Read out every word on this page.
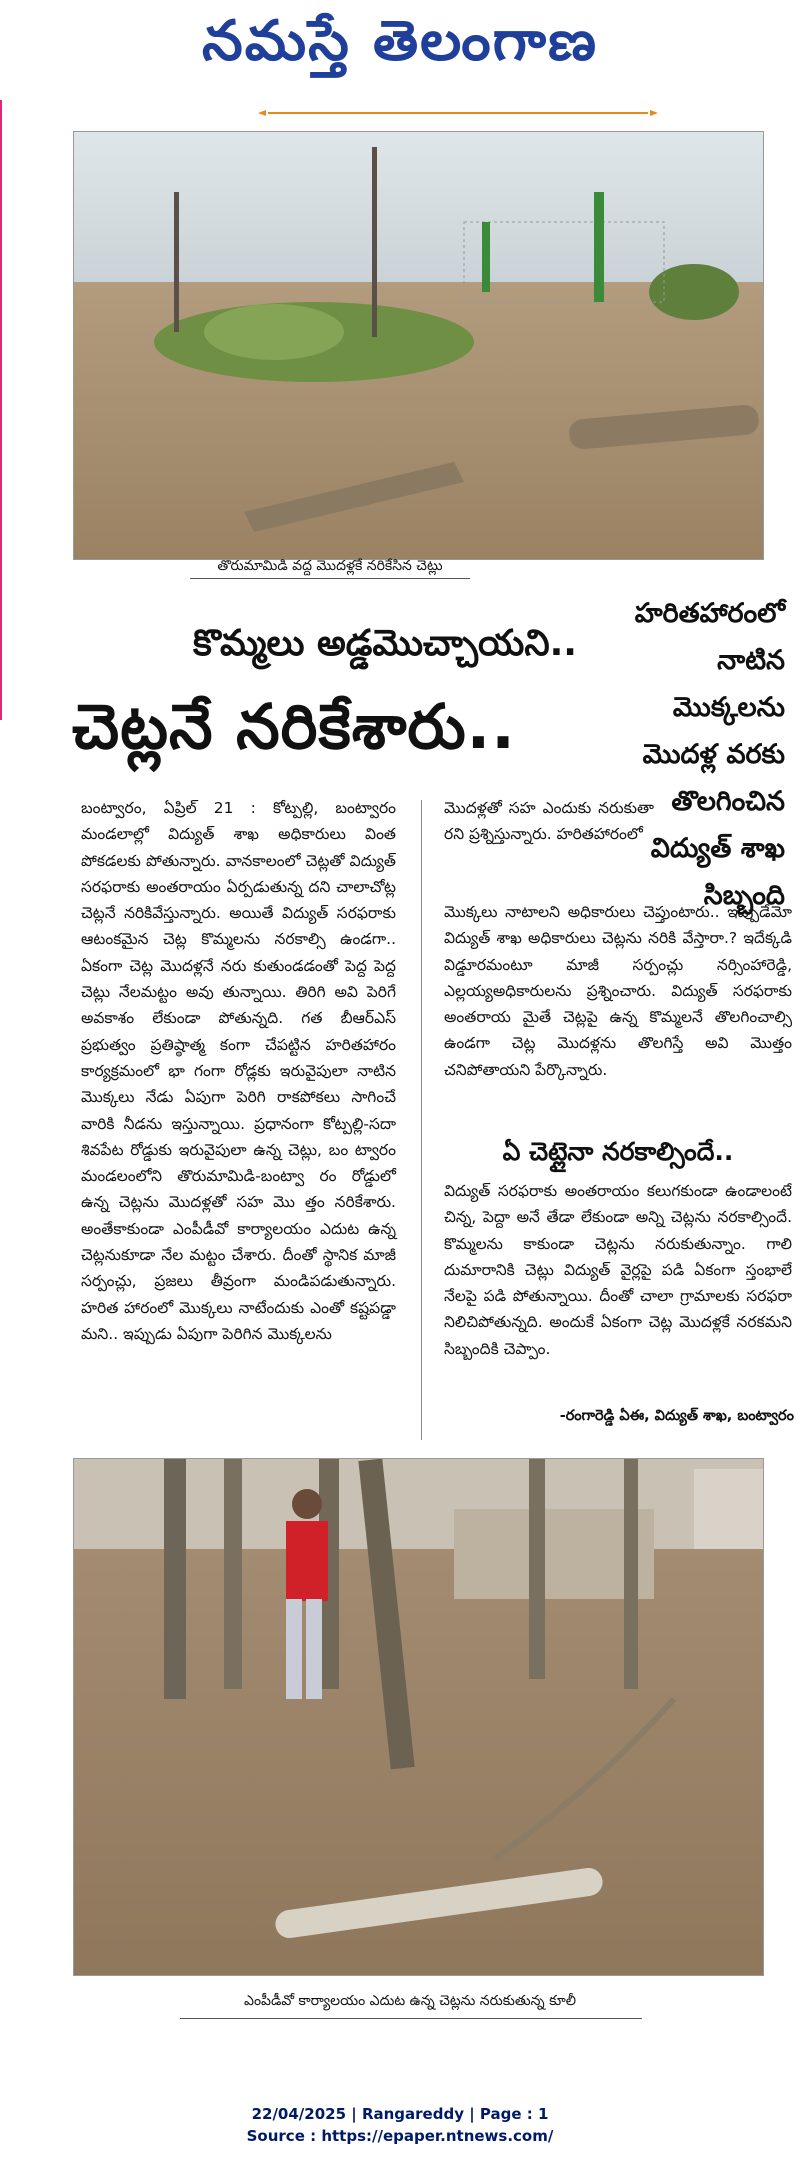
నమస్తే తెలంగాణ
తొరుమామిడి వద్ద మొదళ్లకే నరికేసిన చెట్లు
కొమ్మలు అడ్డమొచ్చాయని..
చెట్లనే నరికేశారు..
హరితహారంలో
నాటిన
మొక్కలను
మొదళ్ల వరకు
తొలగించిన
విద్యుత్ శాఖ
సిబ్బంది

బంట్వారం, ఏప్రిల్ 21 : కోట్పల్లి, బంట్వారం మండలాల్లో విద్యుత్ శాఖ అధికారులు వింత పోకడలకు పోతున్నారు. వానకాలంలో చెట్లతో విద్యుత్ సరఫరాకు అంతరాయం ఏర్పడుతున్న దని చాలాచోట్ల చెట్లనే నరికివేస్తున్నారు. అయితే విద్యుత్ సరఫరాకు ఆటంకమైన చెట్ల కొమ్మలను నరకాల్సి ఉండగా.. ఏకంగా చెట్ల మొదళ్లనే నరు కుతుండడంతో పెద్ద పెద్ద చెట్లు నేలమట్టం అవు తున్నాయి. తిరిగి అవి పెరిగే అవకాశం లేకుండా పోతున్నది. గత బీఆర్ఎస్ ప్రభుత్వం ప్రతిష్ఠాత్మ కంగా చేపట్టిన హరితహారం కార్యక్రమంలో భా గంగా రోడ్లకు ఇరువైపులా నాటిన మొక్కలు నేడు ఏపుగా పెరిగి రాకపోకలు సాగించే వారికి నీడను ఇస్తున్నాయి. ప్రధానంగా కోట్పల్లి-సదా శివపేట రోడ్డుకు ఇరువైపులా ఉన్న చెట్లు, బం ట్వారం మండలంలోని తొరుమామిడి-బంట్వా రం రోడ్డులో ఉన్న చెట్లను మొదళ్లతో సహ మొ త్తం నరికేశారు. అంతేకాకుండా ఎంపీడీవో కార్యాలయం ఎదుట ఉన్న చెట్లనుకూడా నేల మట్టం చేశారు. దీంతో స్థానిక మాజీ సర్పంచ్లు, ప్రజలు తీవ్రంగా మండిపడుతున్నారు. హరిత హారంలో మొక్కలు నాటేందుకు ఎంతో కష్టపడ్డా మని.. ఇప్పుడు ఏపుగా పెరిగిన మొక్కలను

మొదళ్లతో సహ ఎందుకు నరుకుతా రని ప్రశ్నిస్తున్నారు. హరితహారంలో

మొక్కలు నాటాలని అధికారులు చెప్తుంటారు.. ఇప్పుడేమో విద్యుత్ శాఖ అధికారులు చెట్లను నరికి వేస్తారా.? ఇదేక్కడి విడ్డూరమంటూ మాజీ సర్పంచ్లు నర్సింహారెడ్డి, ఎల్లయ్యఅధికారులను ప్రశ్నించారు. విద్యుత్ సరఫరాకు అంతరాయ మైతే చెట్లపై ఉన్న కొమ్మలనే తొలగించాల్సి ఉండగా చెట్ల మొదళ్లను తొలగిస్తే అవి మొత్తం చనిపోతాయని పేర్కొన్నారు.

ఏ చెట్లైనా నరకాల్సిందే..

విద్యుత్ సరఫరాకు అంతరాయం కలుగకుండా ఉండాలంటే చిన్న, పెద్దా అనే తేడా లేకుండా అన్ని చెట్లను నరకాల్సిందే. కొమ్మలను కాకుండా చెట్లను నరుకుతున్నాం. గాలి దుమారానికి చెట్లు విద్యుత్ వైర్లపై పడి ఏకంగా స్తంభాలే నేలపై పడి పోతున్నాయి. దీంతో చాలా గ్రామాలకు సరఫరా నిలిచిపోతున్నది. అందుకే ఏకంగా చెట్ల మొదళ్లకే నరకమని సిబ్బందికి చెప్పాం.

-రంగారెడ్డి ఏఈ, విద్యుత్ శాఖ, బంట్వారం
ఎంపీడీవో కార్యాలయం ఎదుట ఉన్న చెట్లను నరుకుతున్న కూలీ
22/04/2025 | Rangareddy | Page : 1
Source : https://epaper.ntnews.com/
